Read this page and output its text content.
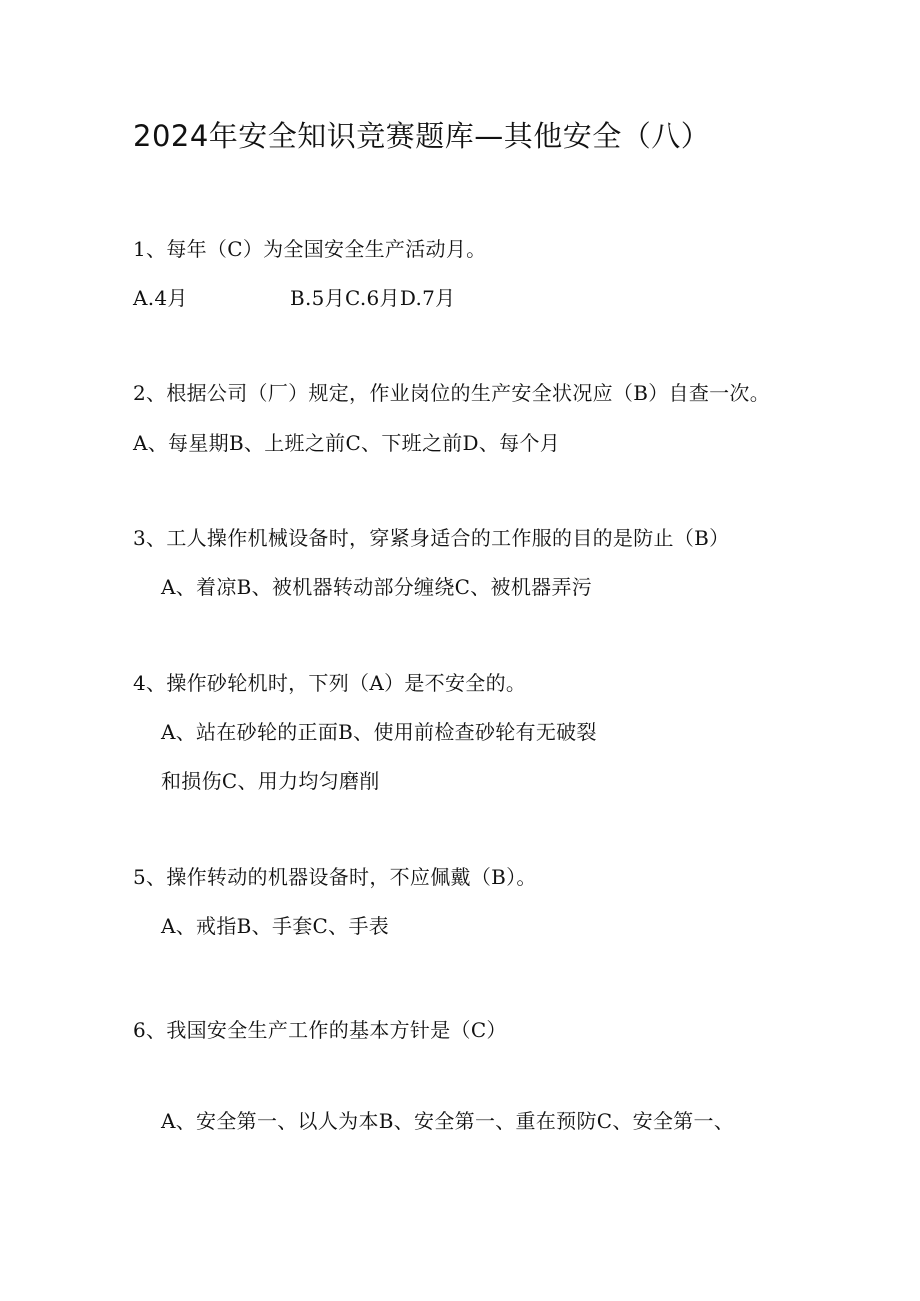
2024年安全知识竞赛题库—其他安全（八）
1、每年（C）为全国安全生产活动月。
A.4月	B.5月C.6月D.7月
2、根据公司（厂）规定，作业岗位的生产安全状况应（B）自查一次。
A、每星期B、上班之前C、下班之前D、每个月
3、工人操作机械设备时，穿紧身适合的工作服的目的是防止（B）
A、着凉B、被机器转动部分缠绕C、被机器弄污
4、操作砂轮机时，下列（A）是不安全的。
A、站在砂轮的正面B、使用前检查砂轮有无破裂
和损伤C、用力均匀磨削
5、操作转动的机器设备时，不应佩戴（B）。
A、戒指B、手套C、手表
6、我国安全生产工作的基本方针是（C）
A、安全第一、以人为本B、安全第一、重在预防C、安全第一、
